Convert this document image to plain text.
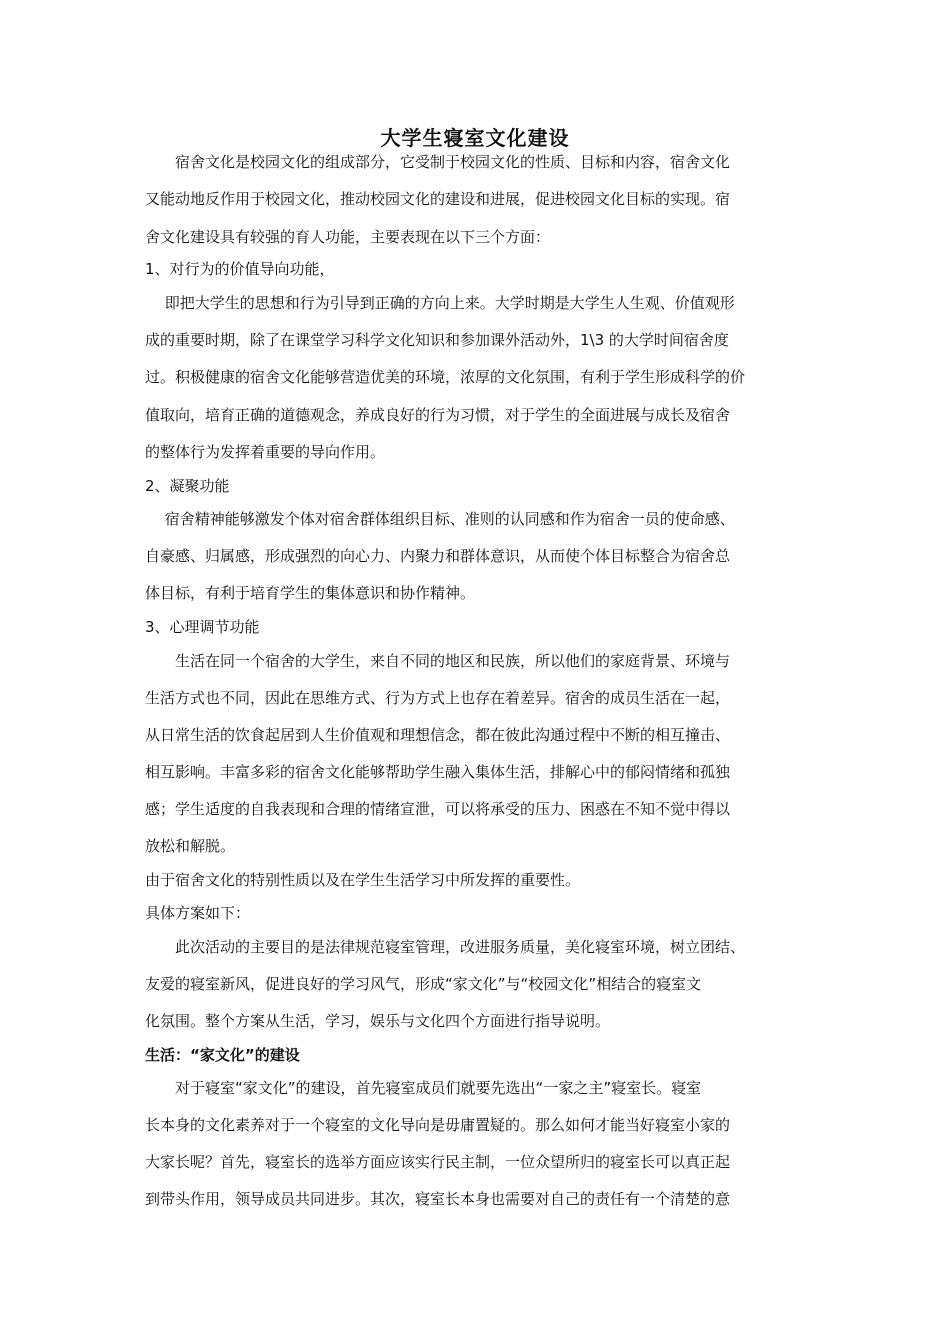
大学生寝室文化建设
　　宿舍文化是校园文化的组成部分，它受制于校园文化的性质、目标和内容，宿舍文化
又能动地反作用于校园文化，推动校园文化的建设和进展，促进校园文化目标的实现。宿
舍文化建设具有较强的育人功能，主要表现在以下三个方面：
1、对行为的价值导向功能，
　 即把大学生的思想和行为引导到正确的方向上来。大学时期是大学生人生观、价值观形
成的重要时期，除了在课堂学习科学文化知识和参加课外活动外，1\3 的大学时间宿舍度
过。积极健康的宿舍文化能够营造优美的环境，浓厚的文化氛围，有利于学生形成科学的价
值取向，培育正确的道德观念，养成良好的行为习惯，对于学生的全面进展与成长及宿舍
的整体行为发挥着重要的导向作用。
2、凝聚功能
　 宿舍精神能够激发个体对宿舍群体组织目标、准则的认同感和作为宿舍一员的使命感、
自豪感、归属感，形成强烈的向心力、内聚力和群体意识，从而使个体目标整合为宿舍总
体目标，有利于培育学生的集体意识和协作精神。
3、心理调节功能
　　生活在同一个宿舍的大学生，来自不同的地区和民族，所以他们的家庭背景、环境与
生活方式也不同，因此在思维方式、行为方式上也存在着差异。宿舍的成员生活在一起，
从日常生活的饮食起居到人生价值观和理想信念，都在彼此沟通过程中不断的相互撞击、
相互影响。丰富多彩的宿舍文化能够帮助学生融入集体生活，排解心中的郁闷情绪和孤独
感；学生适度的自我表现和合理的情绪宣泄，可以将承受的压力、困惑在不知不觉中得以
放松和解脱。
由于宿舍文化的特别性质以及在学生生活学习中所发挥的重要性。
具体方案如下：
　　此次活动的主要目的是法律规范寝室管理，改进服务质量，美化寝室环境，树立团结、
友爱的寝室新风，促进良好的学习风气，形成“家文化”与“校园文化”相结合的寝室文
化氛围。整个方案从生活，学习，娱乐与文化四个方面进行指导说明。
生活：“家文化”的建设
　　对于寝室“家文化”的建设，首先寝室成员们就要先选出“一家之主”寝室长。寝室
长本身的文化素养对于一个寝室的文化导向是毋庸置疑的。那么如何才能当好寝室小家的
大家长呢？首先，寝室长的选举方面应该实行民主制，一位众望所归的寝室长可以真正起
到带头作用，领导成员共同进步。其次，寝室长本身也需要对自己的责任有一个清楚的意
